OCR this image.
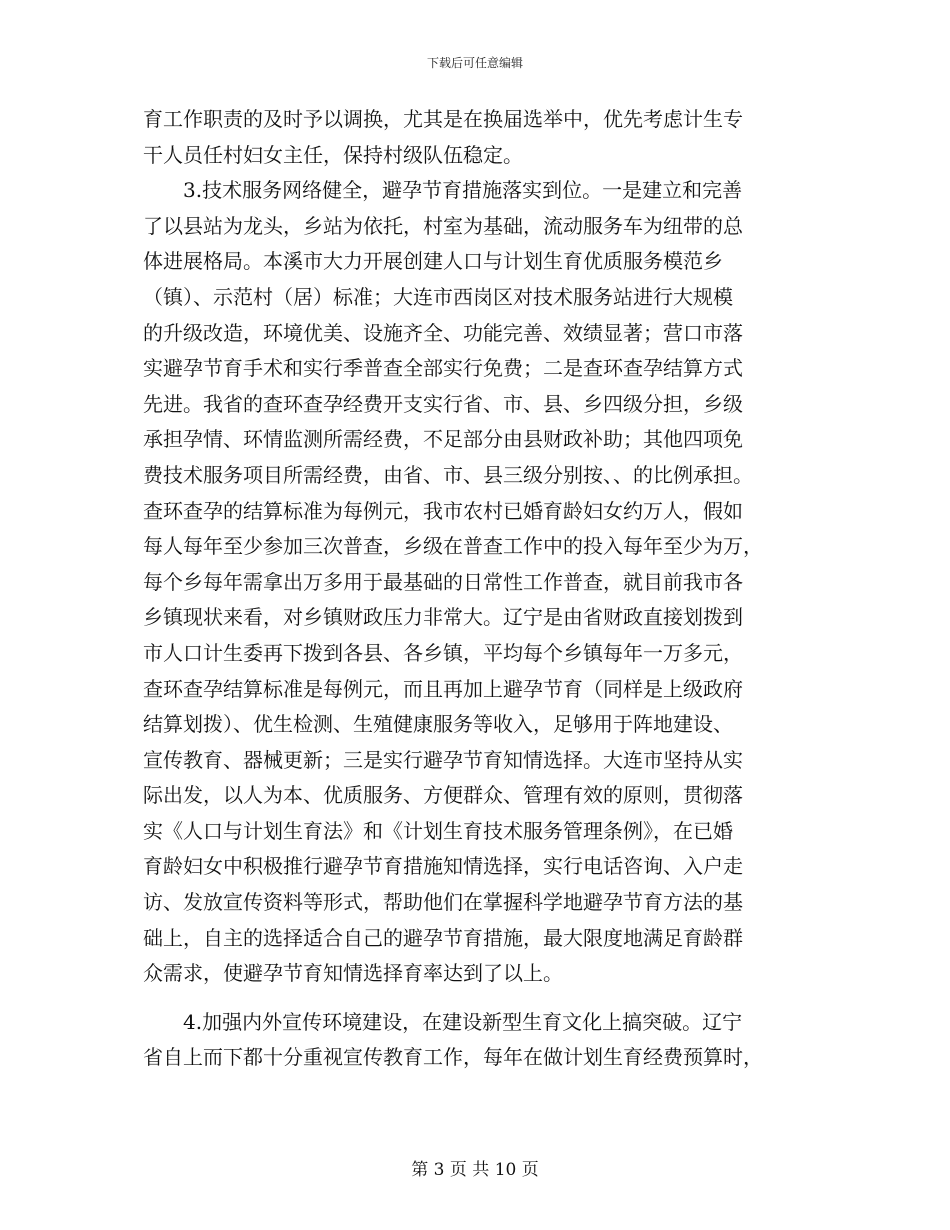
下载后可任意编辑
育工作职责的及时予以调换，尤其是在换届选举中，优先考虑计生专
干人员任村妇女主任，保持村级队伍稳定。
3.技术服务网络健全，避孕节育措施落实到位。一是建立和完善
了以县站为龙头，乡站为依托，村室为基础，流动服务车为纽带的总
体进展格局。本溪市大力开展创建人口与计划生育优质服务模范乡
（镇）、示范村（居）标准；大连市西岗区对技术服务站进行大规模
的升级改造，环境优美、设施齐全、功能完善、效绩显著；营口市落
实避孕节育手术和实行季普查全部实行免费；二是查环查孕结算方式
先进。我省的查环查孕经费开支实行省、市、县、乡四级分担，乡级
承担孕情、环情监测所需经费，不足部分由县财政补助；其他四项免
费技术服务项目所需经费，由省、市、县三级分别按、、的比例承担。
查环查孕的结算标准为每例元，我市农村已婚育龄妇女约万人，假如
每人每年至少参加三次普查，乡级在普查工作中的投入每年至少为万，
每个乡每年需拿出万多用于最基础的日常性工作普查，就目前我市各
乡镇现状来看，对乡镇财政压力非常大。辽宁是由省财政直接划拨到
市人口计生委再下拨到各县、各乡镇，平均每个乡镇每年一万多元，
查环查孕结算标准是每例元，而且再加上避孕节育（同样是上级政府
结算划拨）、优生检测、生殖健康服务等收入，足够用于阵地建设、
宣传教育、器械更新；三是实行避孕节育知情选择。大连市坚持从实
际出发，以人为本、优质服务、方便群众、管理有效的原则，贯彻落
实《人口与计划生育法》和《计划生育技术服务管理条例》，在已婚
育龄妇女中积极推行避孕节育措施知情选择，实行电话咨询、入户走
访、发放宣传资料等形式，帮助他们在掌握科学地避孕节育方法的基
础上，自主的选择适合自己的避孕节育措施，最大限度地满足育龄群
众需求，使避孕节育知情选择育率达到了以上。
4.加强内外宣传环境建设，在建设新型生育文化上搞突破。辽宁
省自上而下都十分重视宣传教育工作，每年在做计划生育经费预算时，
第 3 页 共 10 页
